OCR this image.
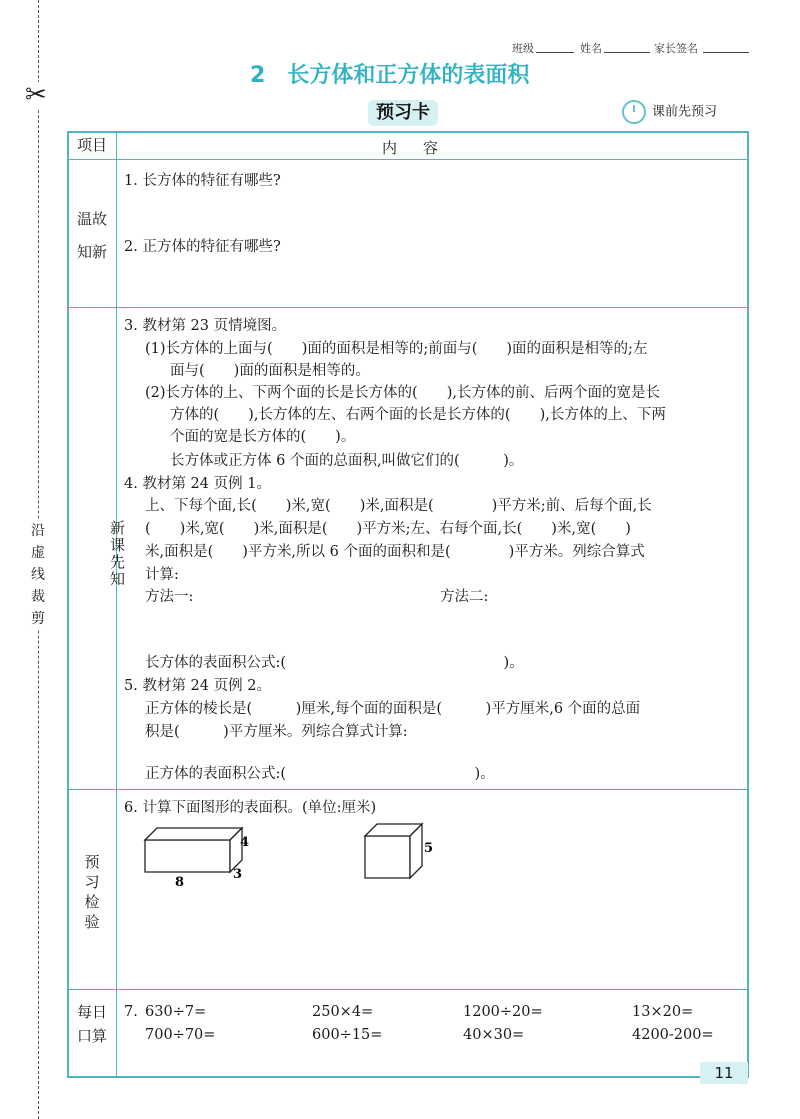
✂
沿虚线裁剪
班级	姓名	家长签名
2 长方体和正方体的表面积
预习卡	课前先预习
项目	内容
温故
知新
1. 长方体的特征有哪些?
2. 正方体的特征有哪些?
新课先知
3. 教材第 23 页情境图。
(1)长方体的上面与(　　)面的面积是相等的;前面与(　　)面的面积是相等的;左
面与(　　)面的面积是相等的。
(2)长方体的上、下两个面的长是长方体的(　　),长方体的前、后两个面的宽是长
方体的(　　),长方体的左、右两个面的长是长方体的(　　),长方体的上、下两
个面的宽是长方体的(　　)。
长方体或正方体 6 个面的总面积,叫做它们的(　　　)。
4. 教材第 24 页例 1。
上、下每个面,长(　　)米,宽(　　)米,面积是(　　　　)平方米;前、后每个面,长
(　　)米,宽(　　)米,面积是(　　)平方米;左、右每个面,长(　　)米,宽(　　)
米,面积是(　　)平方米,所以 6 个面的面积和是(　　　　)平方米。列综合算式
计算:
方法一:	方法二:
长方体的表面积公式:(　　　　　　　　　　　　　　　)。
5. 教材第 24 页例 2。
正方体的棱长是(　　　)厘米,每个面的面积是(　　　)平方厘米,6 个面的总面
积是(　　　)平方厘米。列综合算式计算:
正方体的表面积公式:(　　　　　　　　　　　　　)。
预
习
检
验
6. 计算下面图形的表面积。(单位:厘米)
4
8
3
5
每日
口算
7. 630÷7=	250×4=	1200÷20=	13×20=
700÷70=	600÷15=	40×30=	4200-200=
11
